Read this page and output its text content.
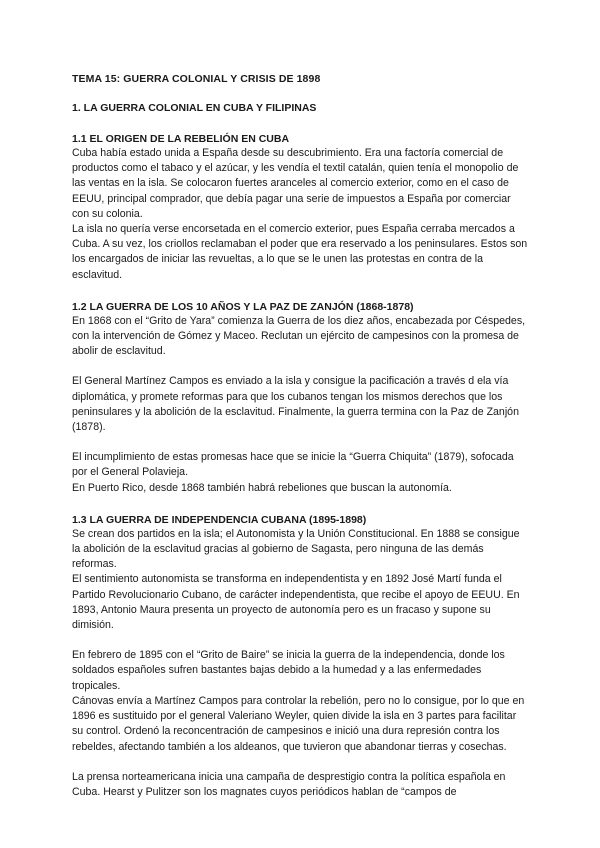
TEMA 15: GUERRA COLONIAL Y CRISIS DE 1898
1. LA GUERRA COLONIAL EN CUBA Y FILIPINAS
1.1 EL ORIGEN DE LA REBELIÓN EN CUBA

Cuba había estado unida a España desde su descubrimiento. Era una factoría comercial de productos como el tabaco y el azúcar, y les vendía el textil catalán, quien tenía el monopolio de las ventas en la isla. Se colocaron fuertes aranceles al comercio exterior, como en el caso de EEUU, principal comprador, que debía pagar una serie de impuestos a España por comerciar con su colonia.

La isla no quería verse encorsetada en el comercio exterior, pues España cerraba mercados a Cuba. A su vez, los criollos reclamaban el poder que era reservado a los peninsulares. Estos son los encargados de iniciar las revueltas, a lo que se le unen las protestas en contra de la esclavitud.

1.2 LA GUERRA DE LOS 10 AÑOS Y LA PAZ DE ZANJÓN (1868-1878)

En 1868 con el “Grito de Yara” comienza la Guerra de los diez años, encabezada por Céspedes, con la intervención de Gómez y Maceo. Reclutan un ejército de campesinos con la promesa de abolir de esclavitud.

El General Martínez Campos es enviado a la isla y consigue la pacificación a través d ela vía diplomática, y promete reformas para que los cubanos tengan los mismos derechos que los peninsulares y la abolición de la esclavitud. Finalmente, la guerra termina con la Paz de Zanjón (1878).

El incumplimiento de estas promesas hace que se inicie la “Guerra Chiquita” (1879), sofocada por el General Polavieja.

En Puerto Rico, desde 1868 también habrá rebeliones que buscan la autonomía.

1.3 LA GUERRA DE INDEPENDENCIA CUBANA (1895-1898)

Se crean dos partidos en la isla; el Autonomista y la Unión Constitucional. En 1888 se consigue la abolición de la esclavitud gracias al gobierno de Sagasta, pero ninguna de las demás reformas.

El sentimiento autonomista se transforma en independentista y en 1892 José Martí funda el Partido Revolucionario Cubano, de carácter independentista, que recibe el apoyo de EEUU. En 1893, Antonio Maura presenta un proyecto de autonomía pero es un fracaso y supone su dimisión.

En febrero de 1895 con el “Grito de Baire” se inicia la guerra de la independencia, donde los soldados españoles sufren bastantes bajas debido a la humedad y a las enfermedades tropicales.

Cánovas envía a Martínez Campos para controlar la rebelión, pero no lo consigue, por lo que en 1896 es sustituido por el general Valeriano Weyler, quien divide la isla en 3 partes para facilitar su control. Ordenó la reconcentración de campesinos e inició una dura represión contra los rebeldes, afectando también a los aldeanos, que tuvieron que abandonar tierras y cosechas.

La prensa norteamericana inicia una campaña de desprestigio contra la política española en Cuba. Hearst y Pulitzer son los magnates cuyos periódicos hablan de “campos de
